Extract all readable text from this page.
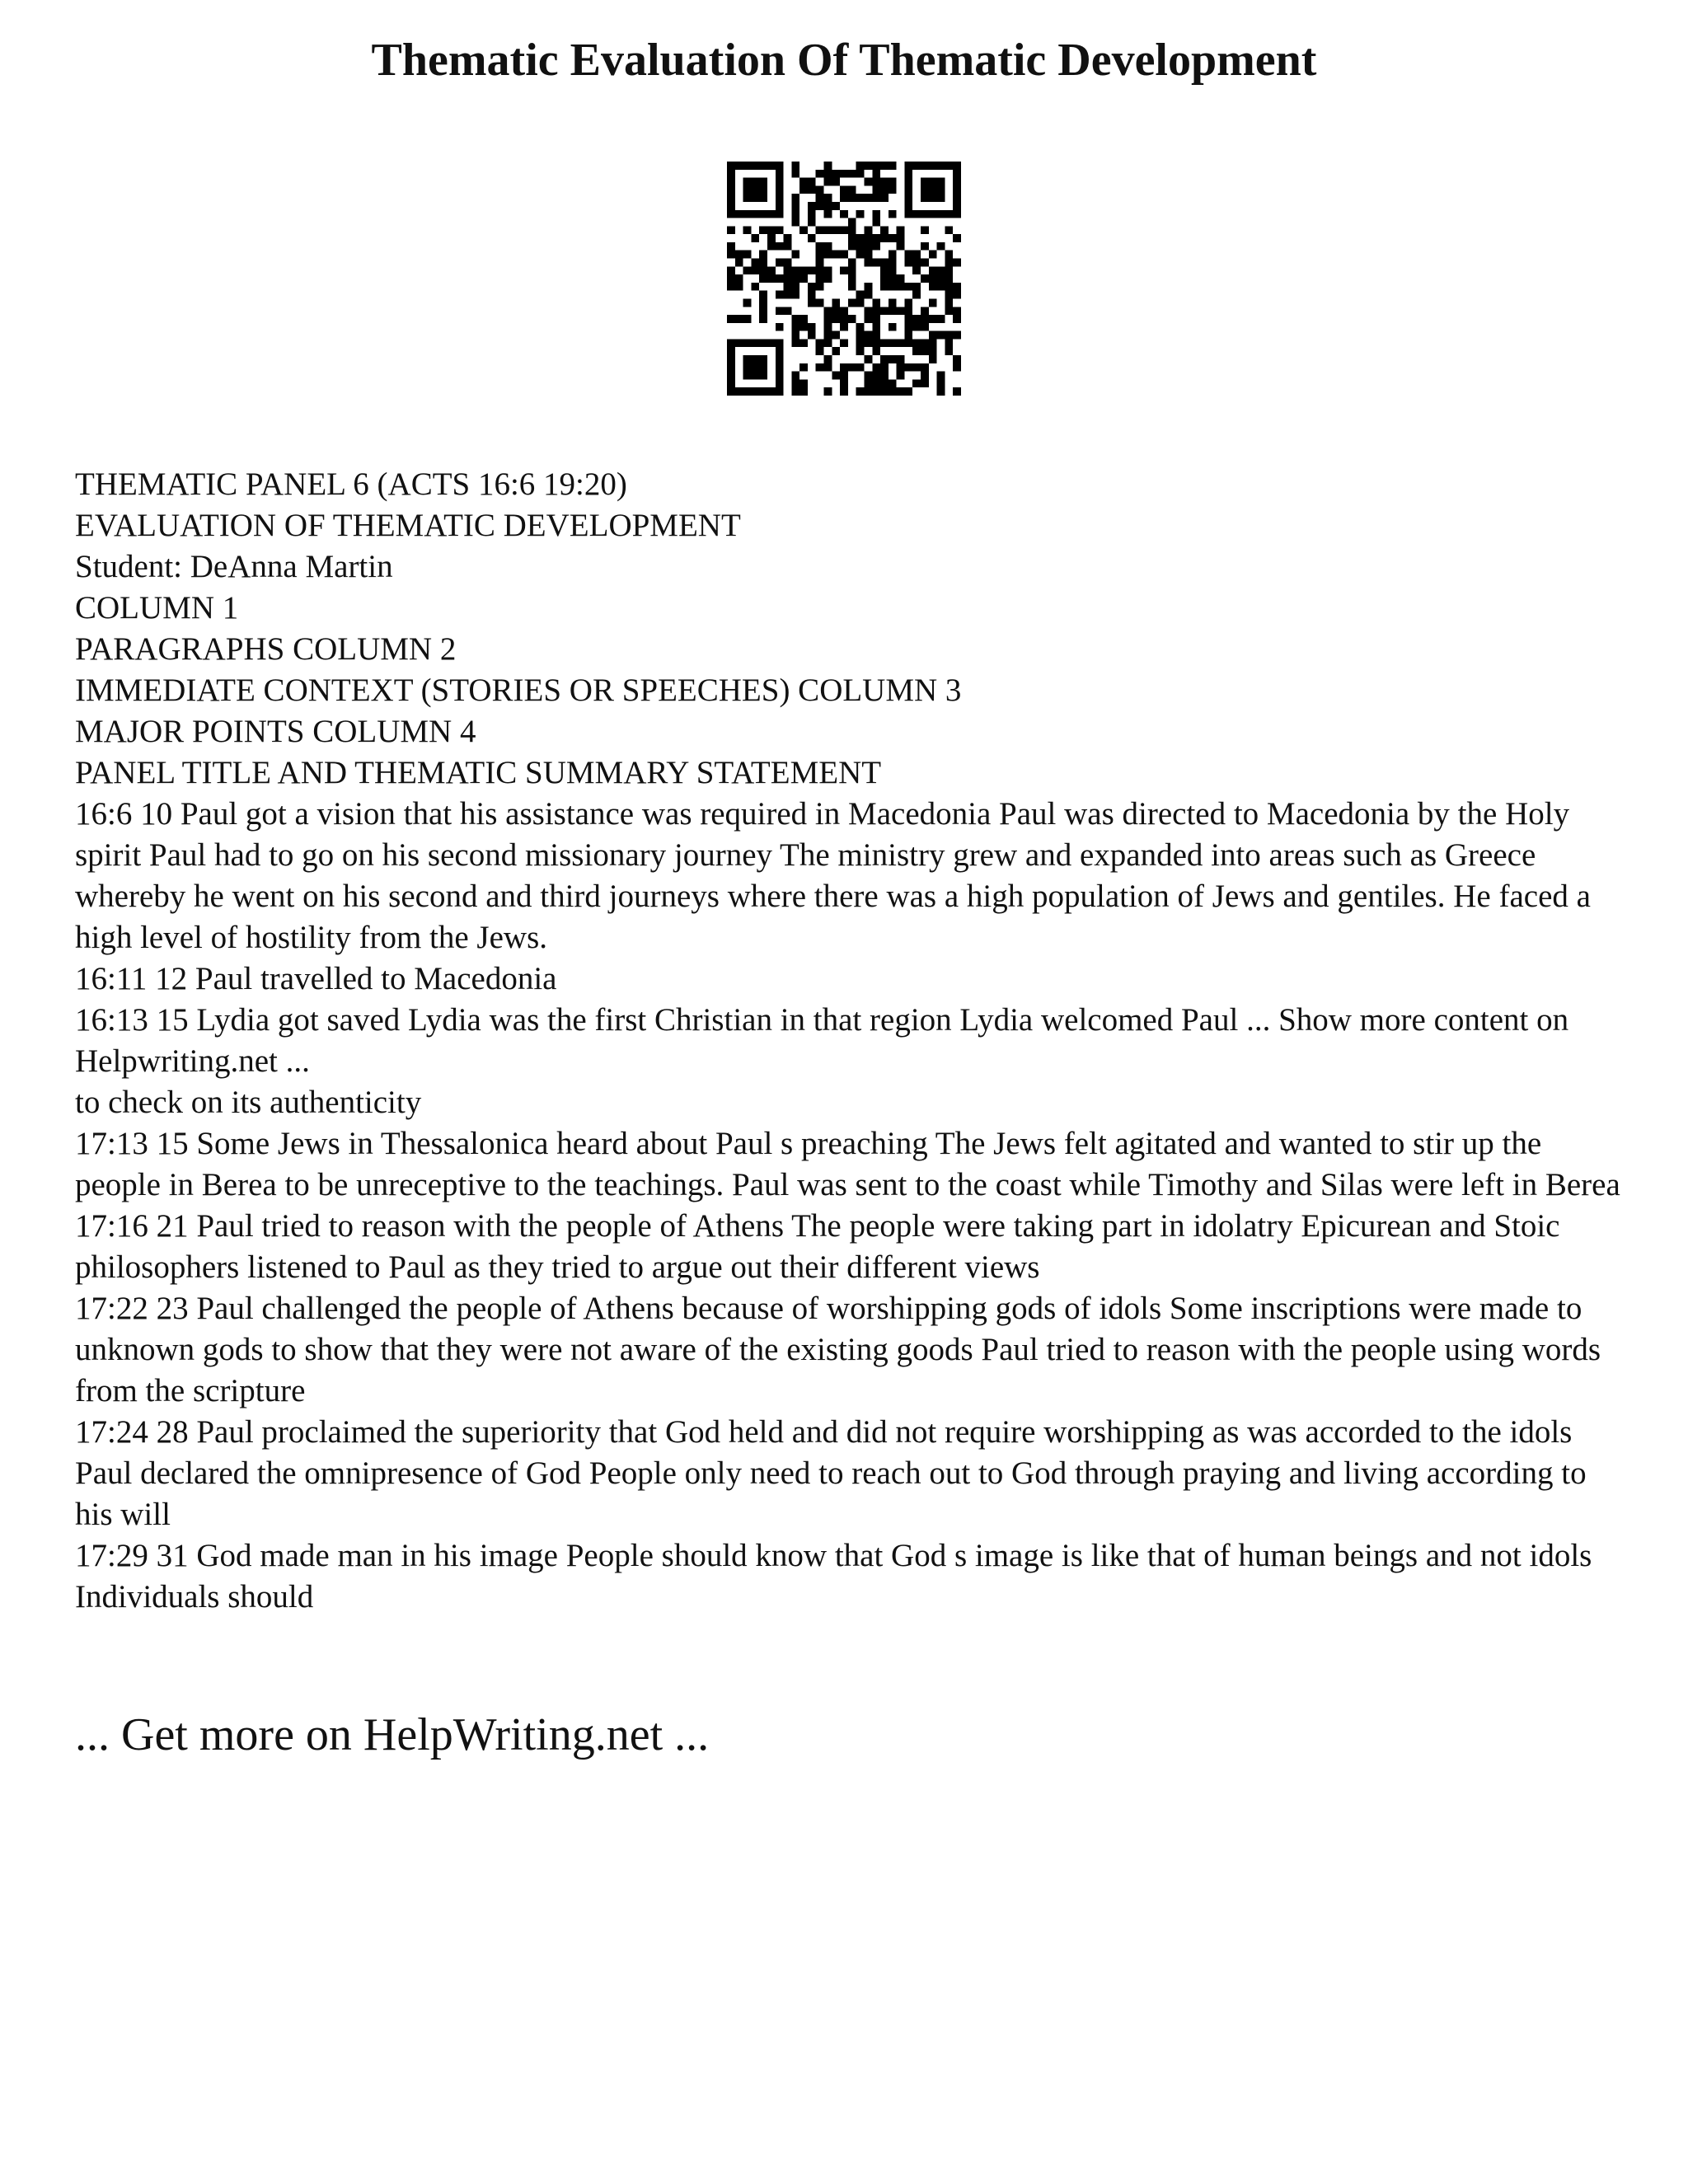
Thematic Evaluation Of Thematic Development
THEMATIC PANEL 6 (ACTS 16:6 19:20)
EVALUATION OF THEMATIC DEVELOPMENT
Student: DeAnna Martin
COLUMN 1
PARAGRAPHS COLUMN 2
IMMEDIATE CONTEXT (STORIES OR SPEECHES) COLUMN 3
MAJOR POINTS COLUMN 4
PANEL TITLE AND THEMATIC SUMMARY STATEMENT
16:6 10 Paul got a vision that his assistance was required in Macedonia Paul was directed to Macedonia by the Holy spirit Paul had to go on his second missionary journey The ministry grew and expanded into areas such as Greece whereby he went on his second and third journeys where there was a high population of Jews and gentiles. He faced a high level of hostility from the Jews.
16:11 12 Paul travelled to Macedonia
16:13 15 Lydia got saved Lydia was the first Christian in that region Lydia welcomed Paul ... Show more content on Helpwriting.net ...
to check on its authenticity
17:13 15 Some Jews in Thessalonica heard about Paul s preaching The Jews felt agitated and wanted to stir up the people in Berea to be unreceptive to the teachings. Paul was sent to the coast while Timothy and Silas were left in Berea
17:16 21 Paul tried to reason with the people of Athens The people were taking part in idolatry Epicurean and Stoic philosophers listened to Paul as they tried to argue out their different views
17:22 23 Paul challenged the people of Athens because of worshipping gods of idols Some inscriptions were made to unknown gods to show that they were not aware of the existing goods Paul tried to reason with the people using words from the scripture
17:24 28 Paul proclaimed the superiority that God held and did not require worshipping as was accorded to the idols Paul declared the omnipresence of God People only need to reach out to God through praying and living according to his will
17:29 31 God made man in his image People should know that God s image is like that of human beings and not idols Individuals should
... Get more on HelpWriting.net ...
